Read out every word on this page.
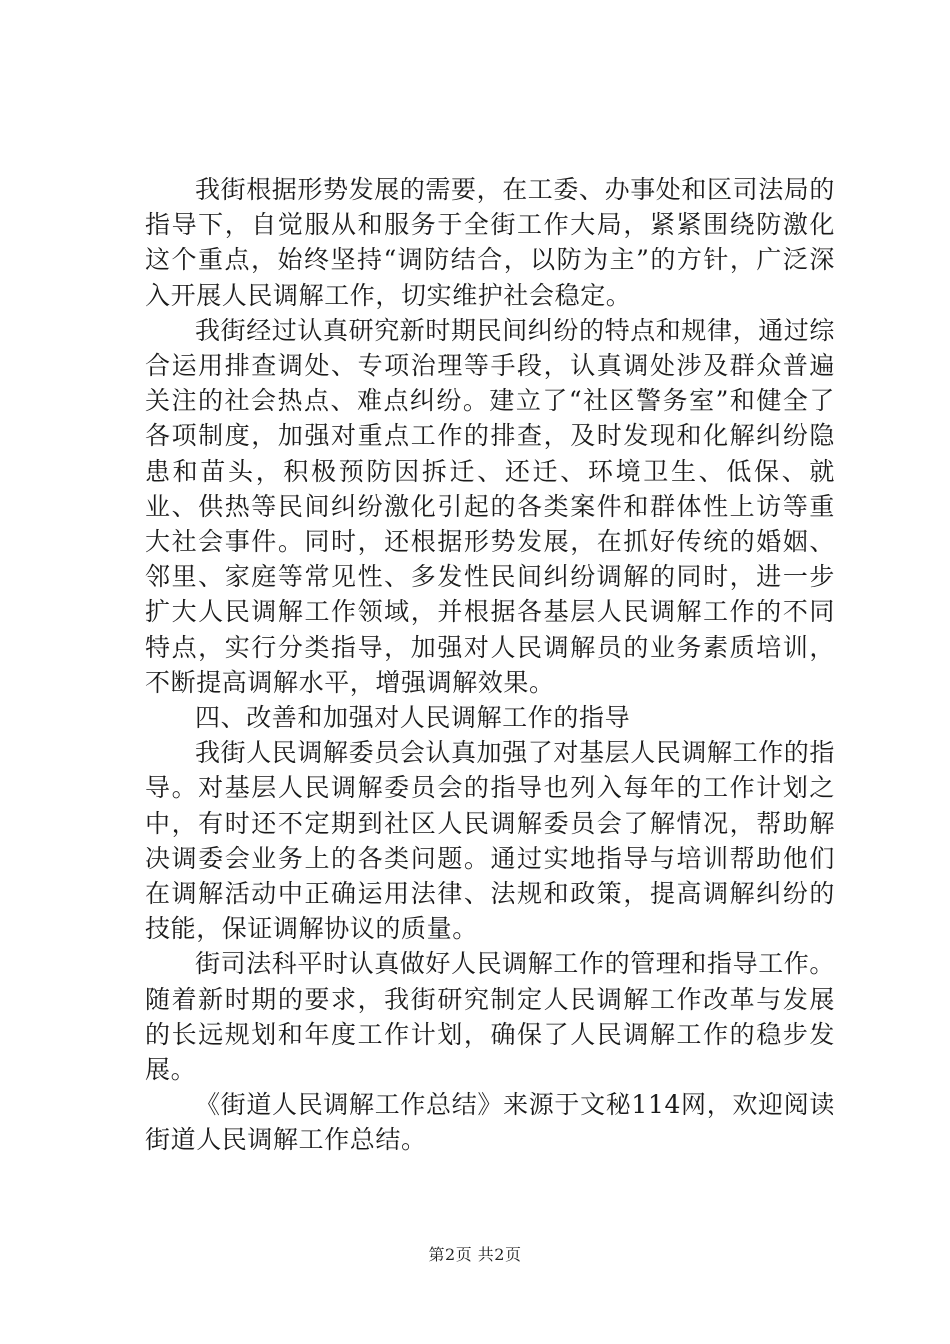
我街根据形势发展的需要，在工委、办事处和区司法局的指导下，自觉服从和服务于全街工作大局，紧紧围绕防激化这个重点，始终坚持“调防结合，以防为主”的方针，广泛深入开展人民调解工作，切实维护社会稳定。

我街经过认真研究新时期民间纠纷的特点和规律，通过综合运用排查调处、专项治理等手段，认真调处涉及群众普遍关注的社会热点、难点纠纷。建立了“社区警务室”和健全了各项制度，加强对重点工作的排查，及时发现和化解纠纷隐患和苗头，积极预防因拆迁、还迁、环境卫生、低保、就业、供热等民间纠纷激化引起的各类案件和群体性上访等重大社会事件。同时，还根据形势发展，在抓好传统的婚姻、邻里、家庭等常见性、多发性民间纠纷调解的同时，进一步扩大人民调解工作领域，并根据各基层人民调解工作的不同特点，实行分类指导，加强对人民调解员的业务素质培训，不断提高调解水平，增强调解效果。

四、改善和加强对人民调解工作的指导

我街人民调解委员会认真加强了对基层人民调解工作的指导。对基层人民调解委员会的指导也列入每年的工作计划之中，有时还不定期到社区人民调解委员会了解情况，帮助解决调委会业务上的各类问题。通过实地指导与培训帮助他们在调解活动中正确运用法律、法规和政策，提高调解纠纷的技能，保证调解协议的质量。

街司法科平时认真做好人民调解工作的管理和指导工作。随着新时期的要求，我街研究制定人民调解工作改革与发展的长远规划和年度工作计划，确保了人民调解工作的稳步发展。

《街道人民调解工作总结》来源于文秘114网，欢迎阅读街道人民调解工作总结。

第2页 共2页
